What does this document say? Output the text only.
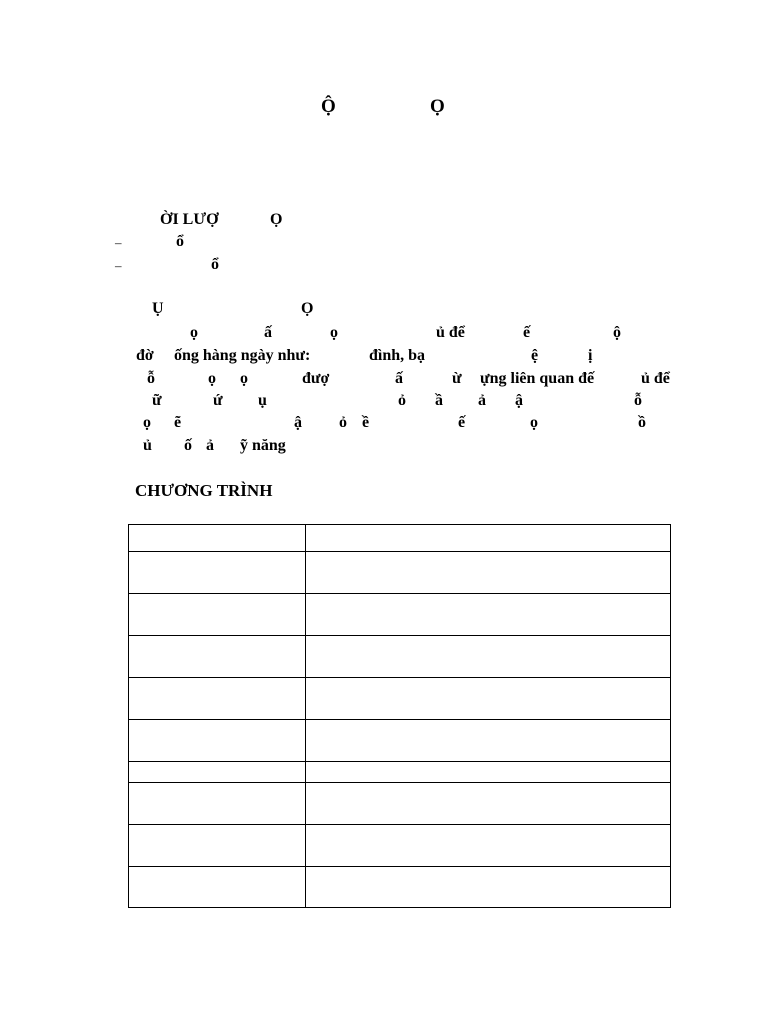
Ộ	Ọ
ỜI LƯỢ	Ọ
–	ổ
–	ổ
Ụ	Ọ
ọ	ấ	ọ	ủ để	ế	ộ
đờ ống hàng ngày như:	đình, bạ	ệ	ị
ỗ	ọ ọ	đượ	ấ	ừ ựng liên quan đế	ủ để
ữ	ứ ụ	ỏ ầ ả ậ	ỗ
ọ ẽ	ậ ỏ ề	ế	ọ	ồ
ủ ố ả ỹ năng
CHƯƠNG TRÌNH
